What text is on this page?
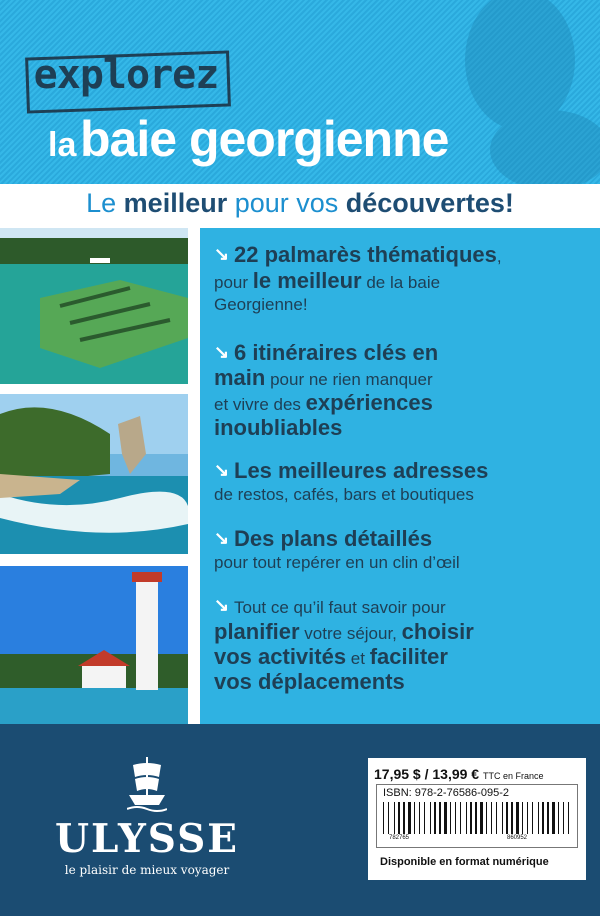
explorez
la baie georgienne
Le meilleur pour vos découvertes!
↘ 22 palmarès thématiques,
pour le meilleur de la baie
Georgienne!
↘ 6 itinéraires clés en
main pour ne rien manquer
et vivre des expériences
inoubliables
↘ Les meilleures adresses
de restos, cafés, bars et boutiques
↘ Des plans détaillés
pour tout repérer en un clin d’œil
↘ Tout ce qu’il faut savoir pour
planifier votre séjour, choisir
vos activités et faciliter
vos déplacements
ULYSSE
le plaisir de mieux voyager
17,95 $ / 13,99 € TTC en France
ISBN: 978-2-76586-095-2
782765	860952
Disponible en format numérique
